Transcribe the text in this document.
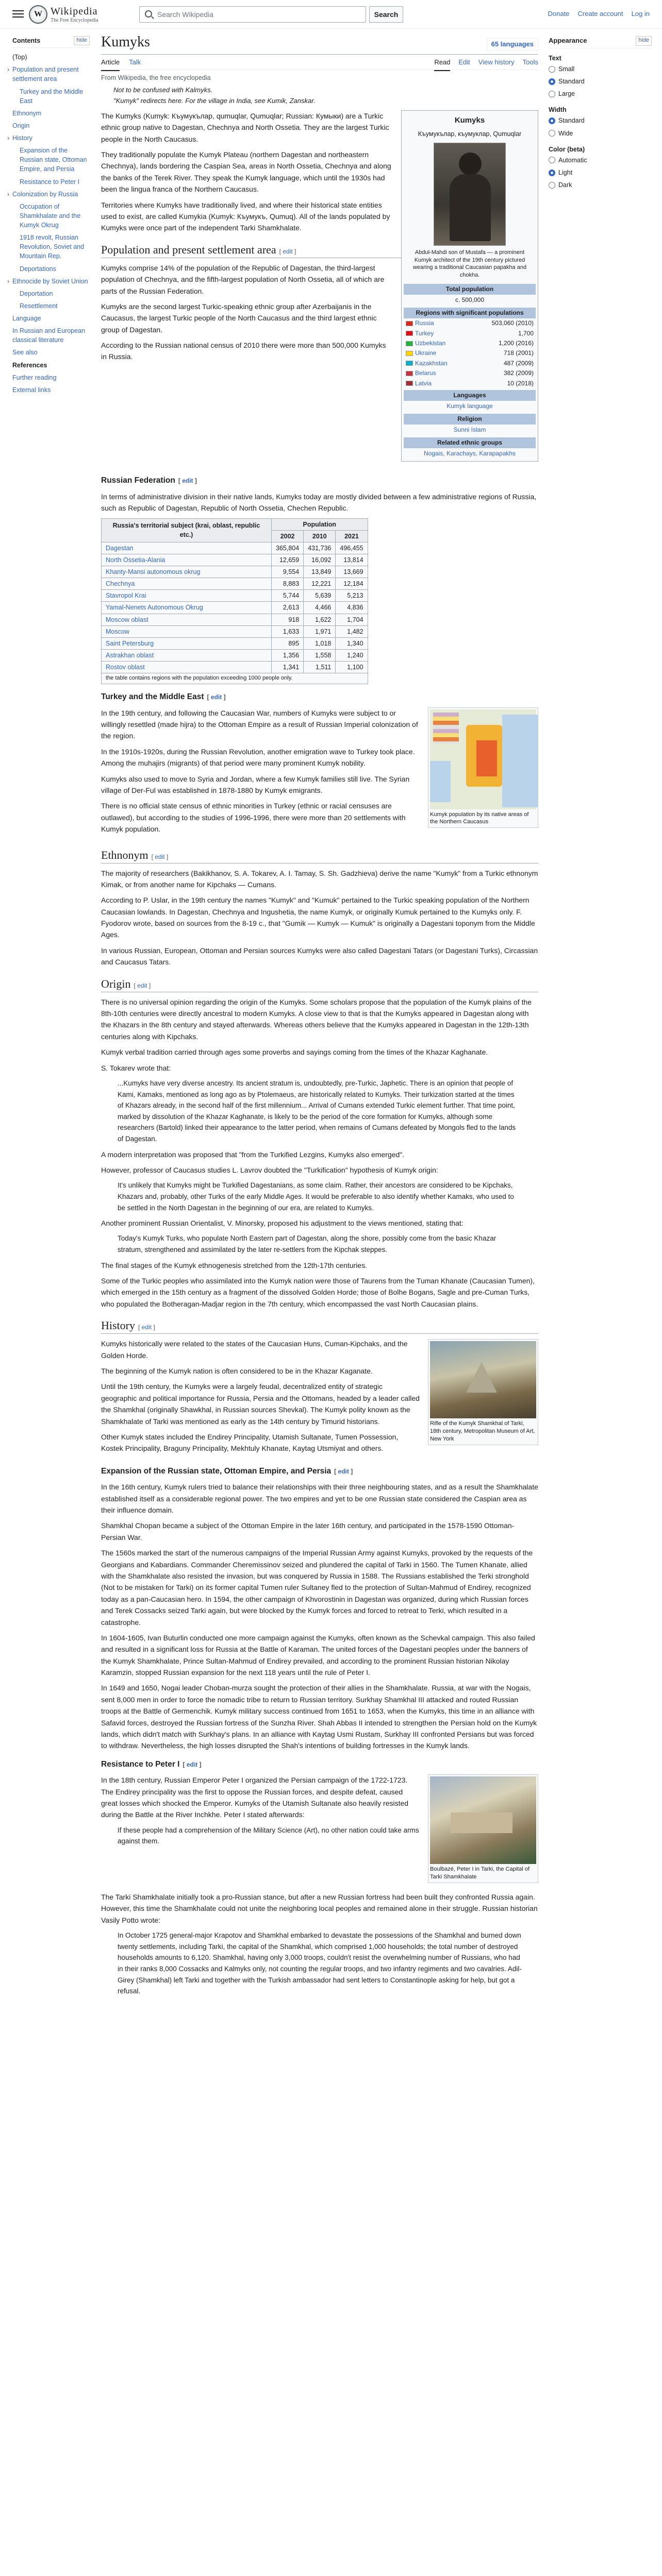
W Wikipedia
The Free Encyclopedia
Search Wikipedia	Search	Donate Create account Log in
Contents	hide
(Top)
› Population and present settlement area
Turkey and the Middle East
Ethnonym
Origin
› History
Expansion of the Russian state, Ottoman Empire, and Persia
Resistance to Peter I
› Colonization by Russia
Occupation of Shamkhalate and the Kumyk Okrug
1918 revolt, Russian Revolution, Soviet and Mountain Rep.
Deportations
› Ethnocide by Soviet Union
Deportation
Resettlement
Language
In Russian and European classical literature
See also
References
Further reading
External links
Kumyks	65 languages
Article Talk	Read Edit View history Tools
From Wikipedia, the free encyclopedia
Not to be confused with Kalmyks.
"Kumyk" redirects here. For the village in India, see Kumik, Zanskar.
Kumyks
Къумукълар, къумуклар, Qumuqlar
Abdul-Mahdi son of Mustafa — a prominent Kumyk architect of the 19th century pictured wearing a traditional Caucasian papakha and chokha.
Total population
c. 500,000
Regions with significant populations
Russia	503,060 (2010)
Turkey	1,700
Uzbekistan	1,200 (2016)
Ukraine	718 (2001)
Kazakhstan	487 (2009)
Belarus	382 (2009)
Latvia	10 (2018)
Languages
Kumyk language
Religion
Sunni Islam
Related ethnic groups
Nogais, Karachays, Karapapakhs

The Kumyks (Kumyk: Къумукълар, qumuqlar, Qumuqlar; Russian: Кумыки) are a Turkic ethnic group native to Dagestan, Chechnya and North Ossetia. They are the largest Turkic people in the North Caucasus.

They traditionally populate the Kumyk Plateau (northern Dagestan and northeastern Chechnya), lands bordering the Caspian Sea, areas in North Ossetia, Chechnya and along the banks of the Terek River. They speak the Kumyk language, which until the 1930s had been the lingua franca of the Northern Caucasus.

Territories where Kumyks have traditionally lived, and where their historical state entities used to exist, are called Kumykia (Kumyk: Къумукъ, Qumuq). All of the lands populated by Kumyks were once part of the independent Tarki Shamkhalate.

Population and present settlement area [ edit ]

Kumyks comprise 14% of the population of the Republic of Dagestan, the third-largest population of Chechnya, and the fifth-largest population of North Ossetia, all of which are parts of the Russian Federation.

Kumyks are the second largest Turkic-speaking ethnic group after Azerbaijanis in the Caucasus, the largest Turkic people of the North Caucasus and the third largest ethnic group of Dagestan.

According to the Russian national census of 2010 there were more than 500,000 Kumyks in Russia.

Russian Federation [ edit ]

In terms of administrative division in their native lands, Kumyks today are mostly divided between a few administrative regions of Russia, such as Republic of Dagestan, Republic of North Ossetia, Chechen Republic.

Russia's territorial subject (krai, oblast, republic etc.)	Population		
	2002	2010	2021
Dagestan	365,804	431,736	496,455
North Ossetia-Alania	12,659	16,092	13,814
Khanty-Mansi autonomous okrug	9,554	13,849	13,669
Chechnya	8,883	12,221	12,184
Stavropol Krai	5,744	5,639	5,213
Yamal-Nenets Autonomous Okrug	2,613	4,466	4,836
Moscow oblast	918	1,622	1,704
Moscow	1,633	1,971	1,482
Saint Petersburg	895	1,018	1,340
Astrakhan oblast	1,356	1,558	1,240
Rostov oblast	1,341	1,511	1,100
the table contains regions with the population exceeding 1000 people only.			
Turkey and the Middle East [ edit ]
Kumyk population by its native areas of the Northern Caucasus

In the 19th century, and following the Caucasian War, numbers of Kumyks were subject to or willingly resettled (made hijra) to the Ottoman Empire as a result of Russian Imperial colonization of the region.

In the 1910s-1920s, during the Russian Revolution, another emigration wave to Turkey took place. Among the muhajirs (migrants) of that period were many prominent Kumyk nobility.

Kumyks also used to move to Syria and Jordan, where a few Kumyk families still live. The Syrian village of Der-Ful was established in 1878-1880 by Kumyk emigrants.

There is no official state census of ethnic minorities in Turkey (ethnic or racial censuses are outlawed), but according to the studies of 1996-1996, there were more than 20 settlements with Kumyk population.

Ethnonym [ edit ]

The majority of researchers (Bakikhanov, S. A. Tokarev, A. I. Tamay, S. Sh. Gadzhieva) derive the name "Kumyk" from a Turkic ethnonym Kimak, or from another name for Kipchaks — Cumans.

According to P. Uslar, in the 19th century the names "Kumyk" and "Kumuk" pertained to the Turkic speaking population of the Northern Caucasian lowlands. In Dagestan, Chechnya and Ingushetia, the name Kumyk, or originally Kumuk pertained to the Kumyks only. F. Fyodorov wrote, based on sources from the 8-19 c., that "Gumik — Kumyk — Kumuk" is originally a Dagestani toponym from the Middle Ages.

In various Russian, European, Ottoman and Persian sources Kumyks were also called Dagestani Tatars (or Dagestani Turks), Circassian and Caucasus Tatars.

Origin [ edit ]

There is no universal opinion regarding the origin of the Kumyks. Some scholars propose that the population of the Kumyk plains of the 8th-10th centuries were directly ancestral to modern Kumyks. A close view to that is that the Kumyks appeared in Dagestan along with the Khazars in the 8th century and stayed afterwards. Whereas others believe that the Kumyks appeared in Dagestan in the 12th-13th centuries along with Kipchaks.

Kumyk verbal tradition carried through ages some proverbs and sayings coming from the times of the Khazar Kaghanate.

S. Tokarev wrote that:

...Kumyks have very diverse ancestry. Its ancient stratum is, undoubtedly, pre-Turkic, Japhetic. There is an opinion that people of Kami, Kamaks, mentioned as long ago as by Ptolemaeus, are historically related to Kumyks. Their turkization started at the times of Khazars already, in the second half of the first millennium... Arrival of Cumans extended Turkic element further. That time point, marked by dissolution of the Khazar Kaghanate, is likely to be the period of the core formation for Kumyks, although some researchers (Bartold) linked their appearance to the latter period, when remains of Cumans defeated by Mongols fled to the lands of Dagestan.

A modern interpretation was proposed that "from the Turkified Lezgins, Kumyks also emerged".

However, professor of Caucasus studies L. Lavrov doubted the "Turkification" hypothesis of Kumyk origin:

It's unlikely that Kumyks might be Turkified Dagestanians, as some claim. Rather, their ancestors are considered to be Kipchaks, Khazars and, probably, other Turks of the early Middle Ages. It would be preferable to also identify whether Kamaks, who used to be settled in the North Dagestan in the beginning of our era, are related to Kumyks.

Another prominent Russian Orientalist, V. Minorsky, proposed his adjustment to the views mentioned, stating that:

Today's Kumyk Turks, who populate North Eastern part of Dagestan, along the shore, possibly come from the basic Khazar stratum, strengthened and assimilated by the later re-settlers from the Kipchak steppes.

The final stages of the Kumyk ethnogenesis stretched from the 12th-17th centuries.

Some of the Turkic peoples who assimilated into the Kumyk nation were those of Taurens from the Tuman Khanate (Caucasian Tumen), which emerged in the 15th century as a fragment of the dissolved Golden Horde; those of Bolhe Bogans, Sagle and pre-Cuman Turks, who populated the Botheragan-Madjar region in the 7th century, which encompassed the vast North Caucasian plains.

History [ edit ]
Rifle of the Kumyk Shamkhal of Tarki, 18th century, Metropolitan Museum of Art, New York

Kumyks historically were related to the states of the Caucasian Huns, Cuman-Kipchaks, and the Golden Horde.

The beginning of the Kumyk nation is often considered to be in the Khazar Kaganate.

Until the 19th century, the Kumyks were a largely feudal, decentralized entity of strategic geographic and political importance for Russia, Persia and the Ottomans, headed by a leader called the Shamkhal (originally Shawkhal, in Russian sources Shevkal). The Kumyk polity known as the Shamkhalate of Tarki was mentioned as early as the 14th century by Timurid historians.

Other Kumyk states included the Endirey Principality, Utamish Sultanate, Tumen Possession, Kostek Principality, Braguny Principality, Mekhtuly Khanate, Kaytag Utsmiyat and others.

Expansion of the Russian state, Ottoman Empire, and Persia [ edit ]

In the 16th century, Kumyk rulers tried to balance their relationships with their three neighbouring states, and as a result the Shamkhalate established itself as a considerable regional power. The two empires and yet to be one Russian state considered the Caspian area as their influence domain.

Shamkhal Chopan became a subject of the Ottoman Empire in the later 16th century, and participated in the 1578-1590 Ottoman-Persian War.

The 1560s marked the start of the numerous campaigns of the Imperial Russian Army against Kumyks, provoked by the requests of the Georgians and Kabardians. Commander Cheremissinov seized and plundered the capital of Tarki in 1560. The Tumen Khanate, allied with the Shamkhalate also resisted the invasion, but was conquered by Russia in 1588. The Russians established the Terki stronghold (Not to be mistaken for Tarki) on its former capital Tumen ruler Sultaney fled to the protection of Sultan-Mahmud of Endirey, recognized today as a pan-Caucasian hero. In 1594, the other campaign of Khvorostinin in Dagestan was organized, during which Russian forces and Terek Cossacks seized Tarki again, but were blocked by the Kumyk forces and forced to retreat to Terki, which resulted in a catastrophe.

In 1604-1605, Ivan Buturlin conducted one more campaign against the Kumyks, often known as the Schevkal campaign. This also failed and resulted in a significant loss for Russia at the Battle of Karaman. The united forces of the Dagestani peoples under the banners of the Kumyk Shamkhalate, Prince Sultan-Mahmud of Endirey prevailed, and according to the prominent Russian historian Nikolay Karamzin, stopped Russian expansion for the next 118 years until the rule of Peter I.

In 1649 and 1650, Nogai leader Choban-murza sought the protection of their allies in the Shamkhalate. Russia, at war with the Nogais, sent 8,000 men in order to force the nomadic tribe to return to Russian territory. Surkhay Shamkhal III attacked and routed Russian troops at the Battle of Germenchik. Kumyk military success continued from 1651 to 1653, when the Kumyks, this time in an alliance with Safavid forces, destroyed the Russian fortress of the Sunzha River. Shah Abbas II intended to strengthen the Persian hold on the Kumyk lands, which didn't match with Surkhay's plans. In an alliance with Kaytag Usmi Rustam, Surkhay III confronted Persians but was forced to withdraw. Nevertheless, the high losses disrupted the Shah's intentions of building fortresses in the Kumyk lands.

Resistance to Peter I [ edit ]
Boulbazé, Peter I in Tarki, the Capital of Tarki Shamkhalate

In the 18th century, Russian Emperor Peter I organized the Persian campaign of the 1722-1723. The Endirey principality was the first to oppose the Russian forces, and despite defeat, caused great losses which shocked the Emperor. Kumyks of the Utamish Sultanate also heavily resisted during the Battle at the River Inchkhe. Peter I stated afterwards:

If these people had a comprehension of the Military Science (Art), no other nation could take arms against them.

The Tarki Shamkhalate initially took a pro-Russian stance, but after a new Russian fortress had been built they confronted Russia again. However, this time the Shamkhalate could not unite the neighboring local peoples and remained alone in their struggle. Russian historian Vasily Potto wrote:

In October 1725 general-major Krapotov and Shamkhal embarked to devastate the possessions of the Shamkhal and burned down twenty settlements, including Tarki, the capital of the Shamkhal, which comprised 1,000 households; the total number of destroyed households amounts to 6,120. Shamkhal, having only 3,000 troops, couldn't resist the overwhelming number of Russians, who had in their ranks 8,000 Cossacks and Kalmyks only, not counting the regular troops, and two infantry regiments and two cavalries. Adil-Girey (Shamkhal) left Tarki and together with the Turkish ambassador had sent letters to Constantinople asking for help, but got a refusal.
Appearance	hide
Text
Small
Standard
Large
Width
Standard
Wide
Color (beta)
Automatic
Light
Dark
